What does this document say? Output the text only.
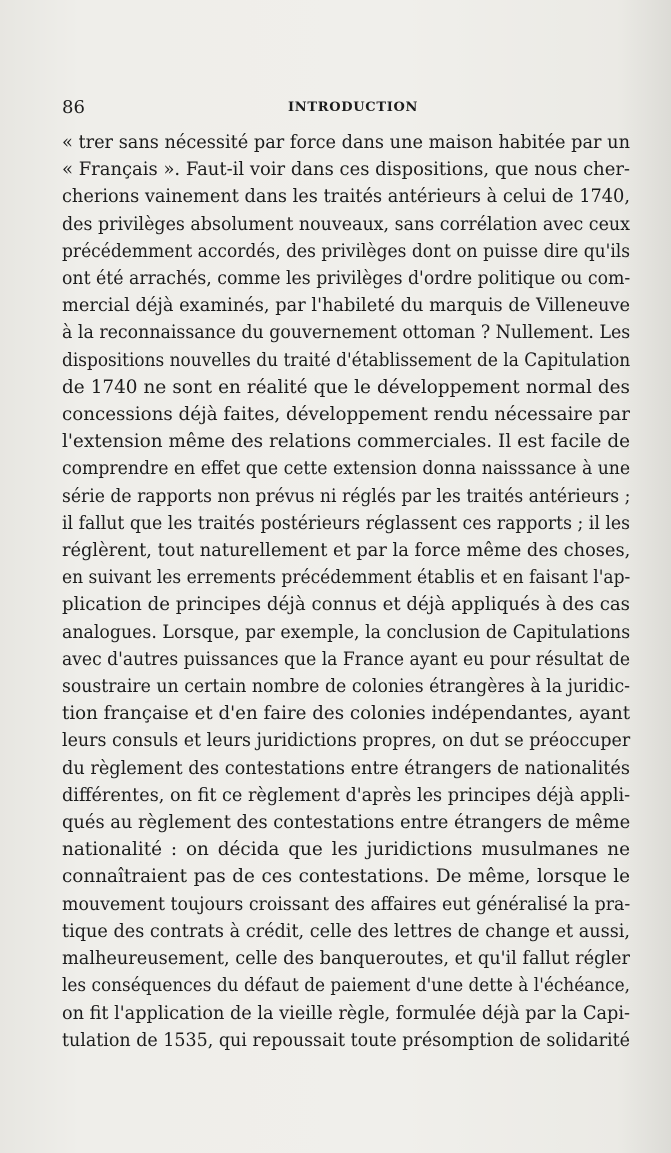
86	INTRODUCTION
« trer sans nécessité par force dans une maison habitée par un
« Français ». Faut-il voir dans ces dispositions, que nous cher-
cherions vainement dans les traités antérieurs à celui de 1740,
des privilèges absolument nouveaux, sans corrélation avec ceux
précédemment accordés, des privilèges dont on puisse dire qu'ils
ont été arrachés, comme les privilèges d'ordre politique ou com-
mercial déjà examinés, par l'habileté du marquis de Villeneuve
à la reconnaissance du gouvernement ottoman ? Nullement. Les
dispositions nouvelles du traité d'établissement de la Capitulation
de 1740 ne sont en réalité que le développement normal des
concessions déjà faites, développement rendu nécessaire par
l'extension même des relations commerciales. Il est facile de
comprendre en effet que cette extension donna naisssance à une
série de rapports non prévus ni réglés par les traités antérieurs ;
il fallut que les traités postérieurs réglassent ces rapports ; il les
réglèrent, tout naturellement et par la force même des choses,
en suivant les errements précédemment établis et en faisant l'ap-
plication de principes déjà connus et déjà appliqués à des cas
analogues. Lorsque, par exemple, la conclusion de Capitulations
avec d'autres puissances que la France ayant eu pour résultat de
soustraire un certain nombre de colonies étrangères à la juridic-
tion française et d'en faire des colonies indépendantes, ayant
leurs consuls et leurs juridictions propres, on dut se préoccuper
du règlement des contestations entre étrangers de nationalités
différentes, on fit ce règlement d'après les principes déjà appli-
qués au règlement des contestations entre étrangers de même
nationalité : on décida que les juridictions musulmanes ne
connaîtraient pas de ces contestations. De même, lorsque le
mouvement toujours croissant des affaires eut généralisé la pra-
tique des contrats à crédit, celle des lettres de change et aussi,
malheureusement, celle des banqueroutes, et qu'il fallut régler
les conséquences du défaut de paiement d'une dette à l'échéance,
on fit l'application de la vieille règle, formulée déjà par la Capi-
tulation de 1535, qui repoussait toute présomption de solidarité
